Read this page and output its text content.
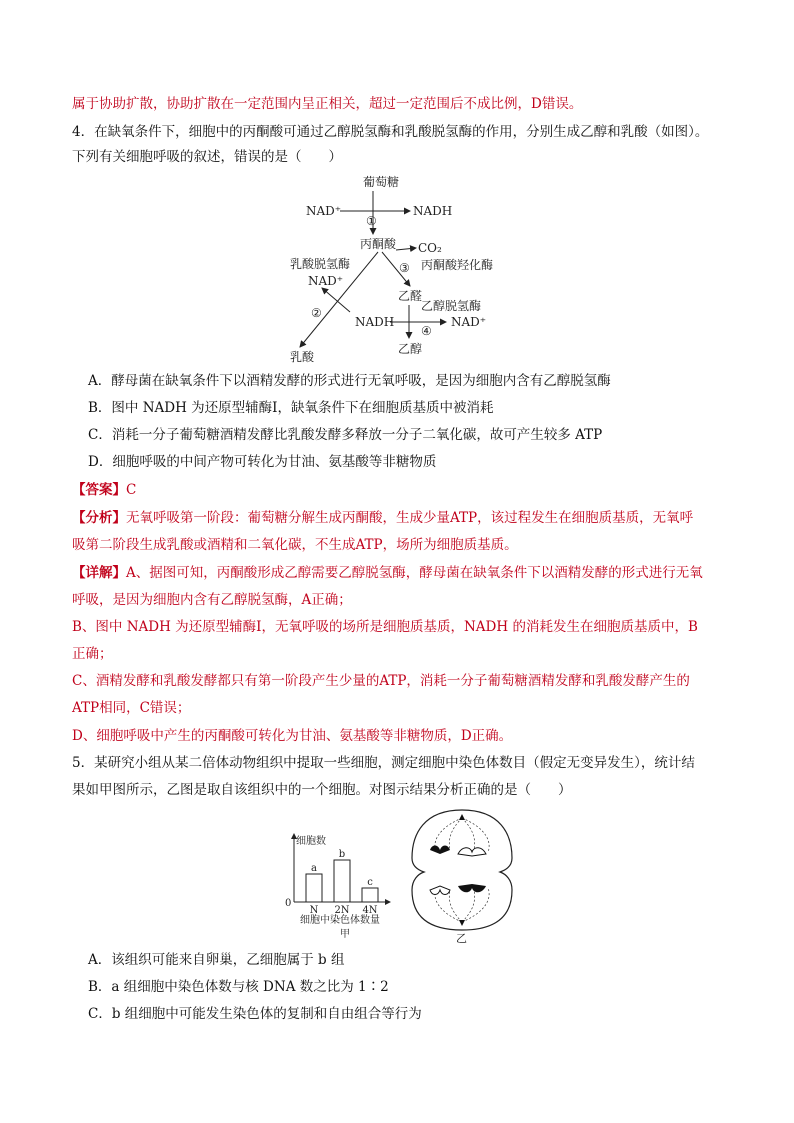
属于协助扩散，协助扩散在一定范围内呈正相关，超过一定范围后不成比例，D错误。
4．在缺氧条件下，细胞中的丙酮酸可通过乙醇脱氢酶和乳酸脱氢酶的作用，分别生成乙醇和乳酸（如图）。
下列有关细胞呼吸的叙述，错误的是（　　）
葡萄糖
NAD⁺	NADH
①
丙酮酸 CO₂
③ 丙酮酸羟化酶
乳酸脱氢酶
NAD⁺
乙醛
乙醇脱氢酶
②
NADH
④
NAD⁺
乳酸
乙醇
A．酵母菌在缺氧条件下以酒精发酵的形式进行无氧呼吸，是因为细胞内含有乙醇脱氢酶
B．图中 NADH 为还原型辅酶Ⅰ，缺氧条件下在细胞质基质中被消耗
C．消耗一分子葡萄糖酒精发酵比乳酸发酵多释放一分子二氧化碳，故可产生较多 ATP
D．细胞呼吸的中间产物可转化为甘油、氨基酸等非糖物质
【答案】C
【分析】无氧呼吸第一阶段：葡萄糖分解生成丙酮酸，生成少量ATP，该过程发生在细胞质基质，无氧呼
吸第二阶段生成乳酸或酒精和二氧化碳，不生成ATP，场所为细胞质基质。
【详解】A、据图可知，丙酮酸形成乙醇需要乙醇脱氢酶，酵母菌在缺氧条件下以酒精发酵的形式进行无氧
呼吸，是因为细胞内含有乙醇脱氢酶，A正确；
B、图中 NADH 为还原型辅酶Ⅰ，无氧呼吸的场所是细胞质基质，NADH 的消耗发生在细胞质基质中，B
正确；
C、酒精发酵和乳酸发酵都只有第一阶段产生少量的ATP，消耗一分子葡萄糖酒精发酵和乳酸发酵产生的
ATP相同，C错误；
D、细胞呼吸中产生的丙酮酸可转化为甘油、氨基酸等非糖物质，D正确。
5．某研究小组从某二倍体动物组织中提取一些细胞，测定细胞中染色体数目（假定无变异发生），统计结
果如甲图所示，乙图是取自该组织中的一个细胞。对图示结果分析正确的是（　　）
细胞数
0
a
N
b
2N
c
4N
细胞中染色体数量
甲	乙
A．该组织可能来自卵巢，乙细胞属于 b 组
B．a 组细胞中染色体数与核 DNA 数之比为 1∶2
C．b 组细胞中可能发生染色体的复制和自由组合等行为
